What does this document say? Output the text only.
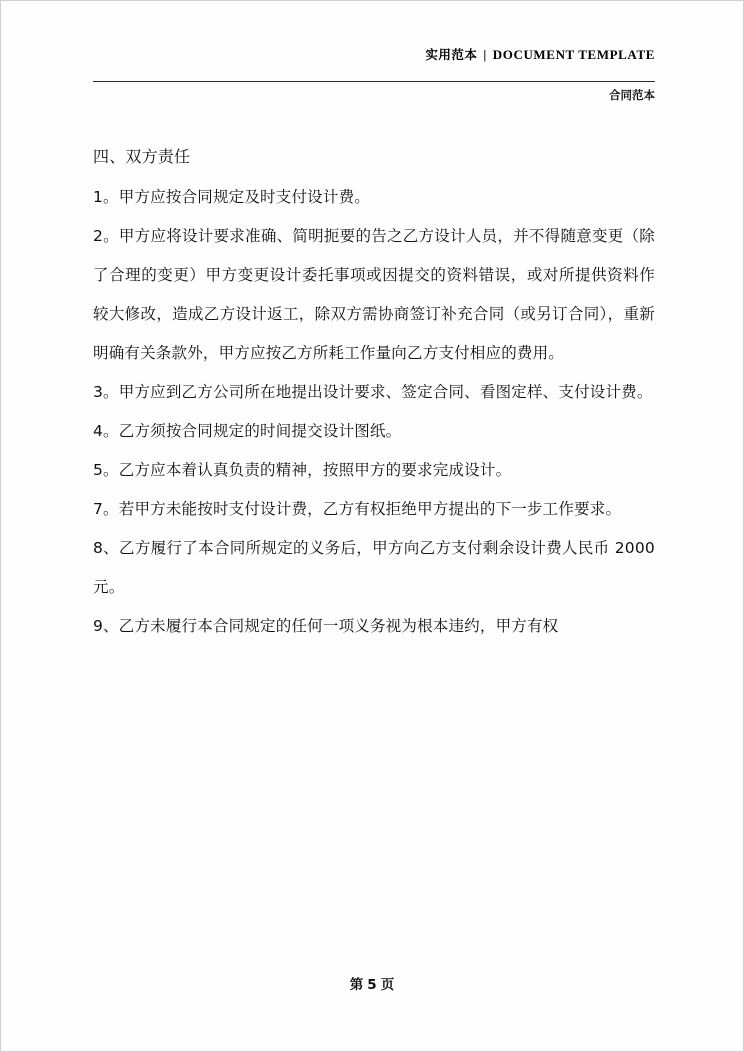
实用范本 | DOCUMENT TEMPLATE
合同范本

四、双方责任

1。甲方应按合同规定及时支付设计费。

2。甲方应将设计要求准确、简明扼要的告之乙方设计人员，并不得随意变更（除了合理的变更）甲方变更设计委托事项或因提交的资料错误，或对所提供资料作较大修改，造成乙方设计返工，除双方需协商签订补充合同（或另订合同），重新明确有关条款外，甲方应按乙方所耗工作量向乙方支付相应的费用。

3。甲方应到乙方公司所在地提出设计要求、签定合同、看图定样、支付设计费。

4。乙方须按合同规定的时间提交设计图纸。

5。乙方应本着认真负责的精神，按照甲方的要求完成设计。

7。若甲方未能按时支付设计费，乙方有权拒绝甲方提出的下一步工作要求。

8、乙方履行了本合同所规定的义务后，甲方向乙方支付剩余设计费人民币 2000 元。

9、乙方未履行本合同规定的任何一项义务视为根本违约，甲方有权

第 5 页
